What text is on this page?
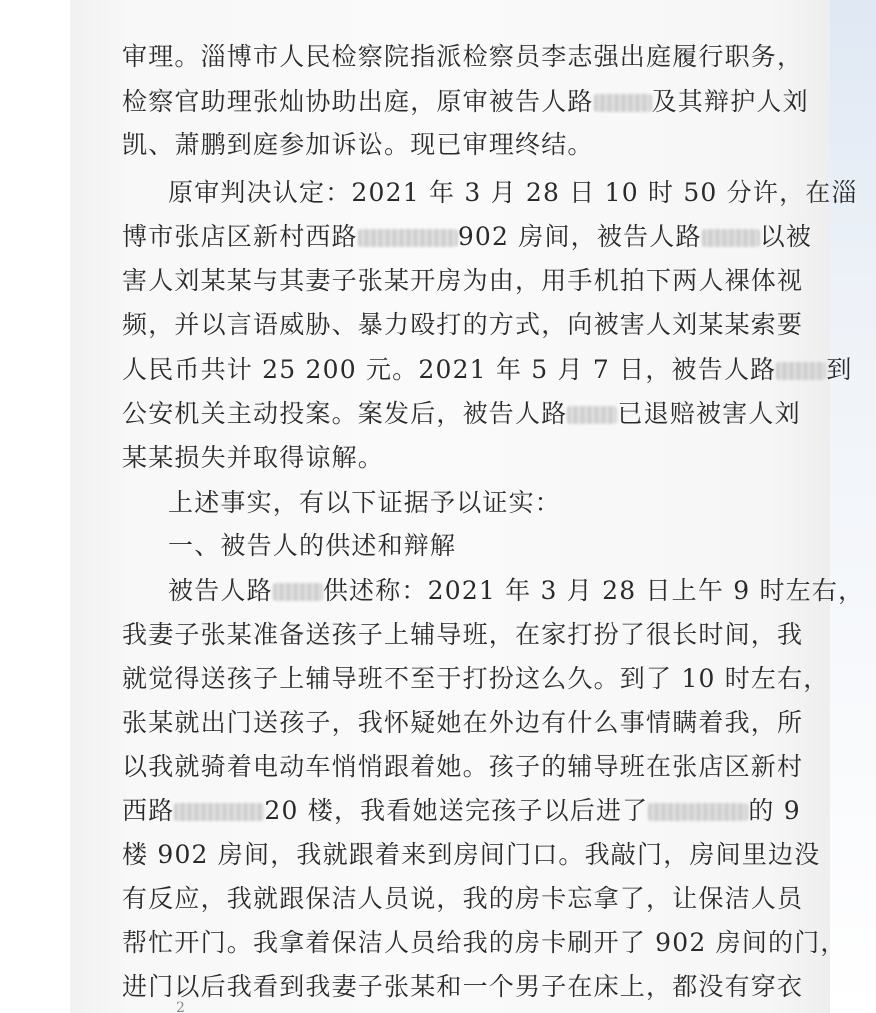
审理。淄博市人民检察院指派检察员李志强出庭履行职务，
检察官助理张灿协助出庭，原审被告人路 及其辩护人刘
凯、萧鹏到庭参加诉讼。现已审理终结。
原审判决认定：2021 年 3 月 28 日 10 时 50 分许，在淄
博市张店区新村西路	902 房间，被告人路 以被
害人刘某某与其妻子张某开房为由，用手机拍下两人裸体视
频，并以言语威胁、暴力殴打的方式，向被害人刘某某索要
人民币共计 25 200 元。2021 年 5 月 7 日，被告人路 到
公安机关主动投案。案发后，被告人路 已退赔被害人刘
某某损失并取得谅解。
上述事实，有以下证据予以证实：
一、被告人的供述和辩解
被告人路 供述称：2021 年 3 月 28 日上午 9 时左右，
我妻子张某准备送孩子上辅导班，在家打扮了很长时间，我
就觉得送孩子上辅导班不至于打扮这么久。到了 10 时左右，
张某就出门送孩子，我怀疑她在外边有什么事情瞒着我，所
以我就骑着电动车悄悄跟着她。孩子的辅导班在张店区新村
西路	20 楼，我看她送完孩子以后进了	的 9
楼 902 房间，我就跟着来到房间门口。我敲门，房间里边没
有反应，我就跟保洁人员说，我的房卡忘拿了，让保洁人员
帮忙开门。我拿着保洁人员给我的房卡刷开了 902 房间的门，
进门以后我看到我妻子张某和一个男子在床上，都没有穿衣
2
